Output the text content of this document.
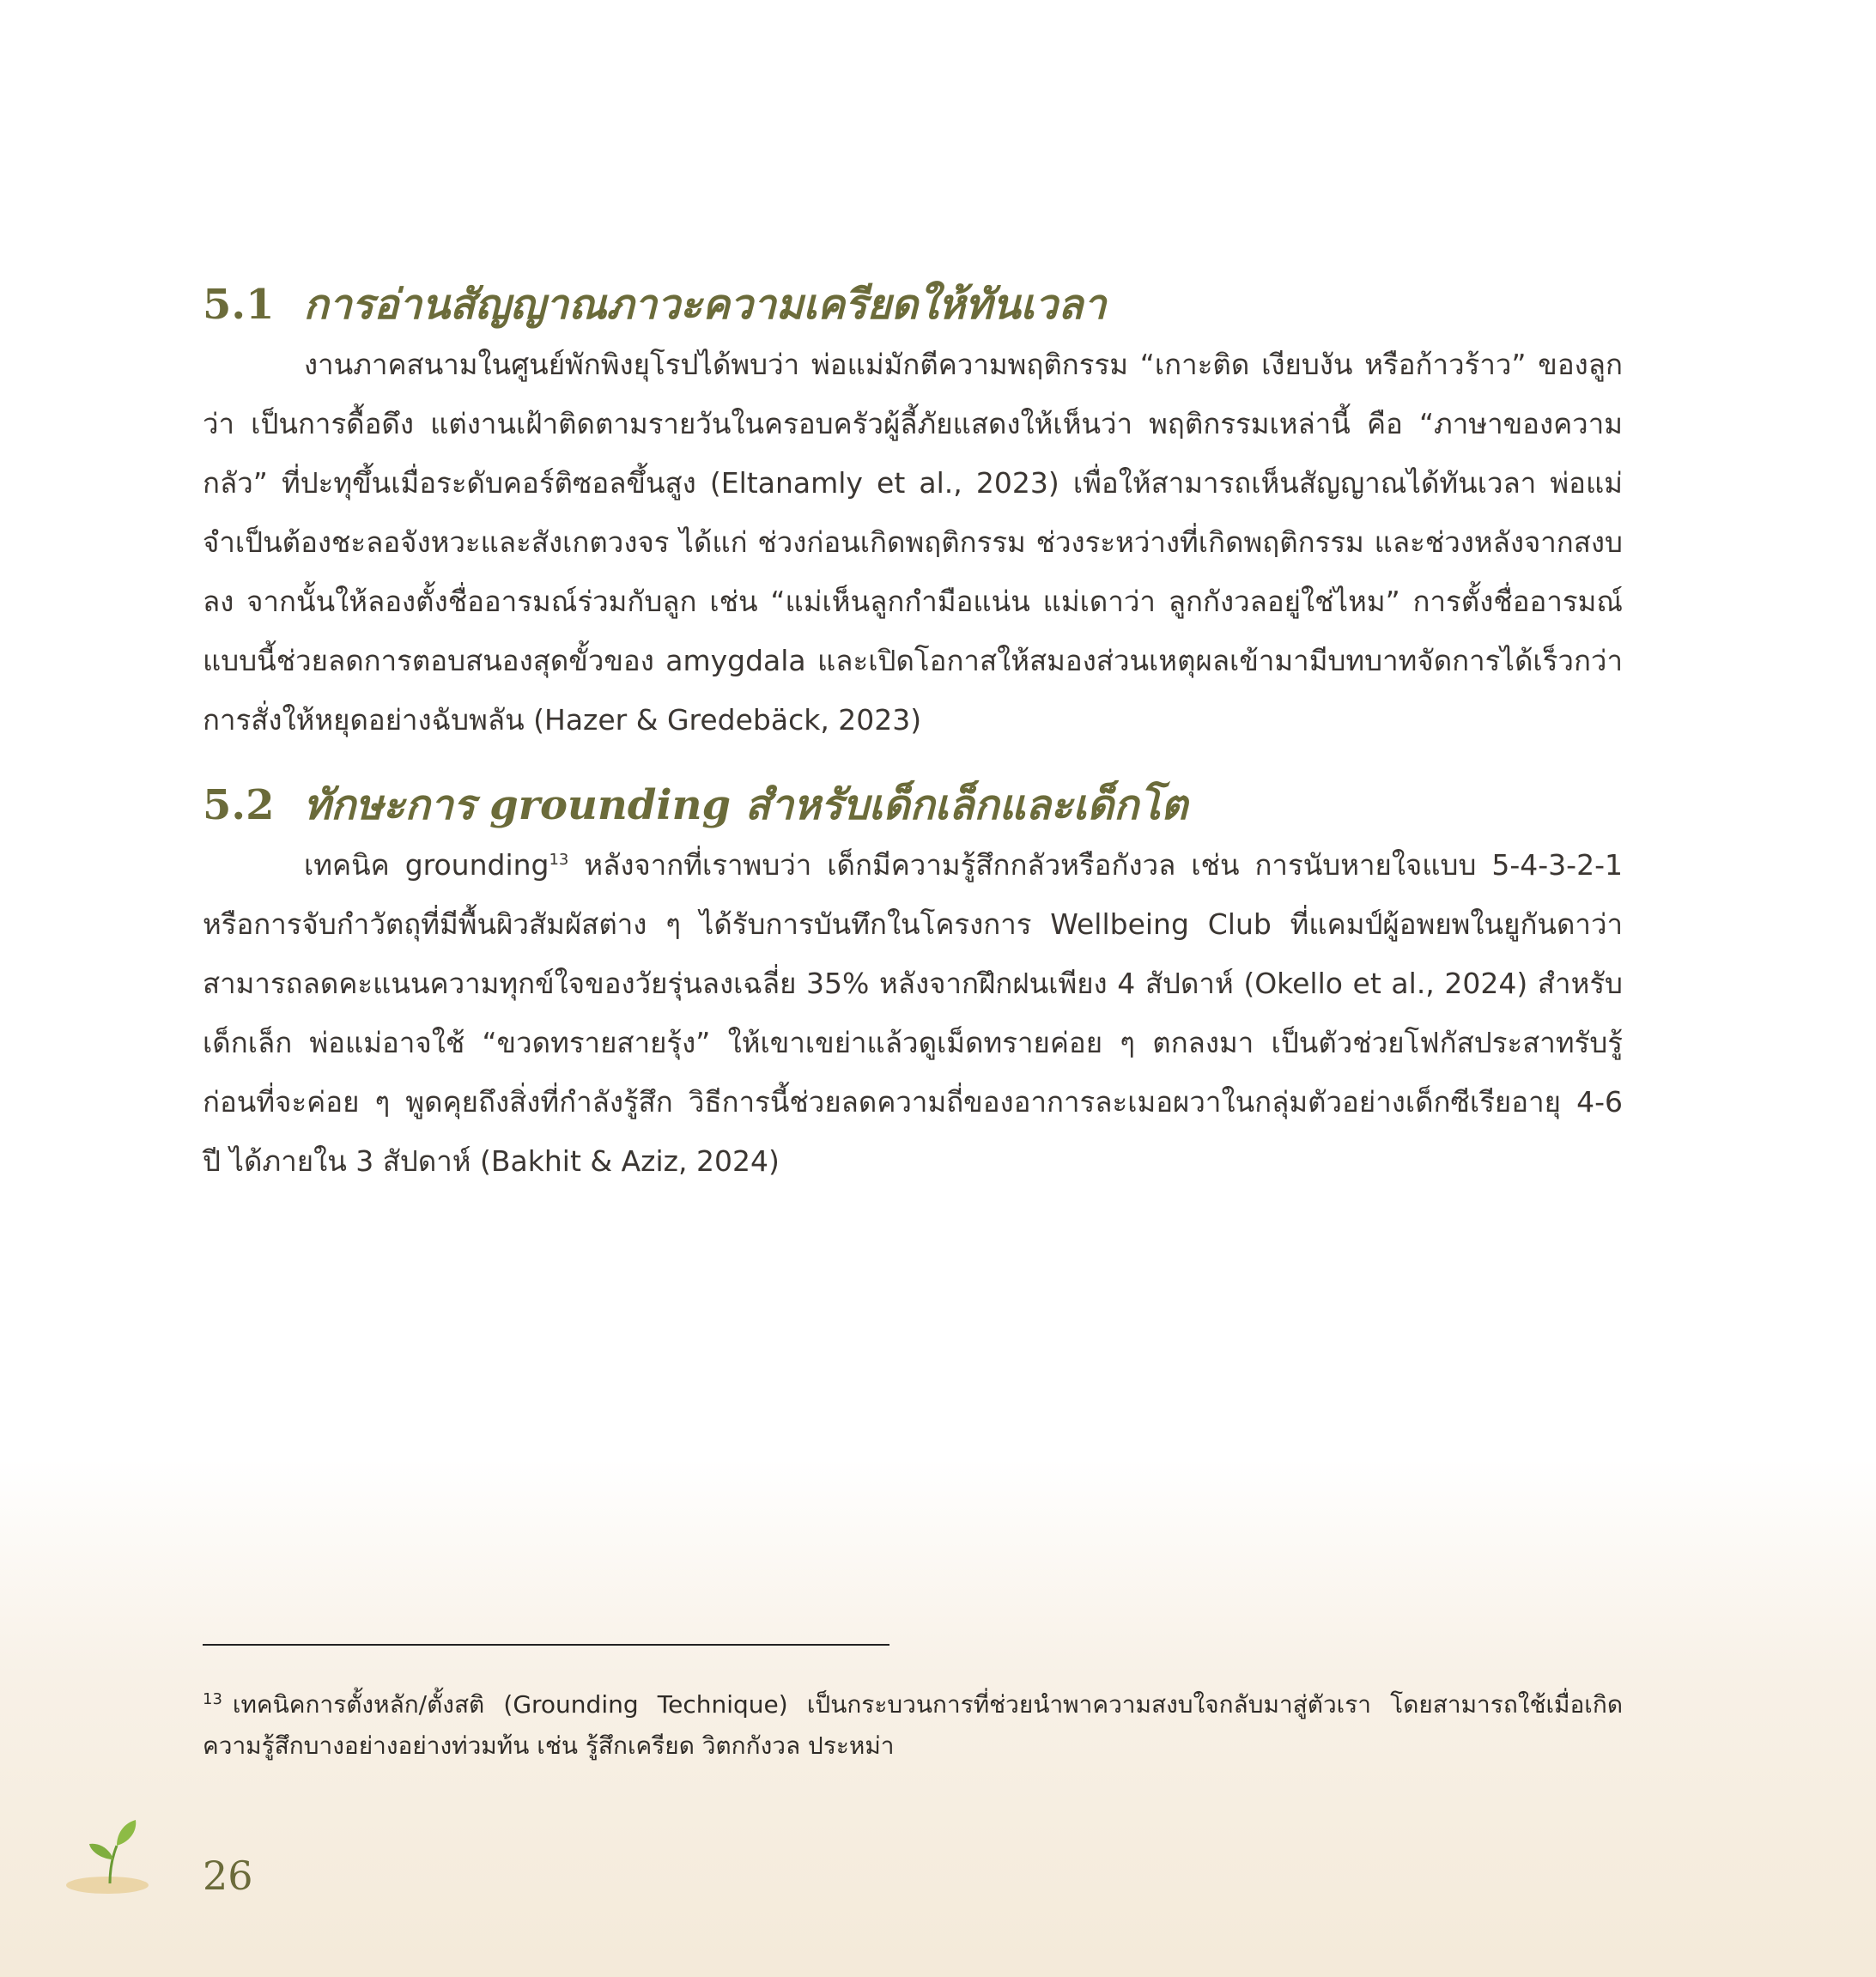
5.1 การอ่านสัญญาณภาวะความเครียดให้ทันเวลา

งานภาคสนามในศูนย์พักพิงยุโรปได้พบว่า พ่อแม่มักตีความพฤติกรรม “เกาะติด เงียบงัน หรือก้าวร้าว” ของลูกว่า เป็นการดื้อดึง แต่งานเฝ้าติดตามรายวันในครอบครัวผู้ลี้ภัยแสดงให้เห็นว่า พฤติกรรมเหล่านี้ คือ “ภาษาของความกลัว” ที่ปะทุขึ้นเมื่อระดับคอร์ติซอลขึ้นสูง (Eltanamly et al., 2023) เพื่อให้สามารถเห็นสัญญาณได้ทันเวลา พ่อแม่จำเป็นต้องชะลอจังหวะและสังเกตวงจร ได้แก่ ช่วงก่อนเกิดพฤติกรรม ช่วงระหว่างที่เกิดพฤติกรรม และช่วงหลังจากสงบลง จากนั้นให้ลองตั้งชื่ออารมณ์ร่วมกับลูก เช่น “แม่เห็นลูกกำมือแน่น แม่เดาว่า ลูกกังวลอยู่ใช่ไหม” การตั้งชื่ออารมณ์แบบนี้ช่วยลดการตอบสนองสุดขั้วของ amygdala และเปิดโอกาสให้สมองส่วนเหตุผลเข้ามามีบทบาทจัดการได้เร็วกว่าการสั่งให้หยุดอย่างฉับพลัน (Hazer & Gredebäck, 2023)

5.2 ทักษะการ grounding สำหรับเด็กเล็กและเด็กโต

เทคนิค grounding$^{13}$ หลังจากที่เราพบว่า เด็กมีความรู้สึกกลัวหรือกังวล เช่น การนับหายใจแบบ 5-4-3-2-1 หรือการจับกำวัตถุที่มีพื้นผิวสัมผัสต่าง ๆ ได้รับการบันทึกในโครงการ Wellbeing Club ที่แคมป์ผู้อพยพในยูกันดาว่า สามารถลดคะแนนความทุกข์ใจของวัยรุ่นลงเฉลี่ย 35% หลังจากฝึกฝนเพียง 4 สัปดาห์ (Okello et al., 2024) สำหรับเด็กเล็ก พ่อแม่อาจใช้ “ขวดทรายสายรุ้ง” ให้เขาเขย่าแล้วดูเม็ดทรายค่อย ๆ ตกลงมา เป็นตัวช่วยโฟกัสประสาทรับรู้ ก่อนที่จะค่อย ๆ พูดคุยถึงสิ่งที่กำลังรู้สึก วิธีการนี้ช่วยลดความถี่ของอาการละเมอผวาในกลุ่มตัวอย่างเด็กซีเรียอายุ 4-6 ปี ได้ภายใน 3 สัปดาห์ (Bakhit & Aziz, 2024)

$^{13}$ เทคนิคการตั้งหลัก/ตั้งสติ (Grounding Technique) เป็นกระบวนการที่ช่วยนำพาความสงบใจกลับมาสู่ตัวเรา โดยสามารถใช้เมื่อเกิดความรู้สึกบางอย่างอย่างท่วมท้น เช่น รู้สึกเครียด วิตกกังวล ประหม่า
26
